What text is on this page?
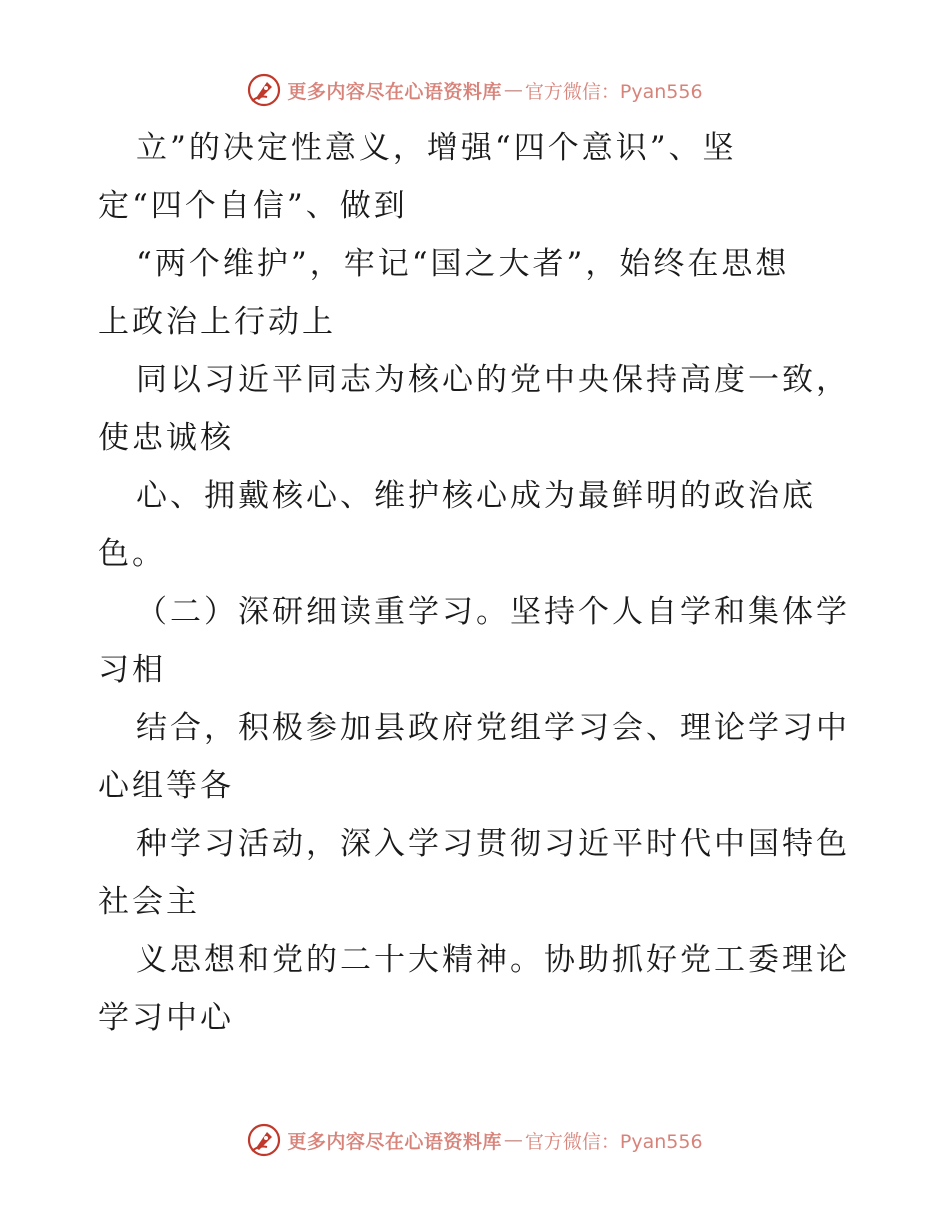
更多内容尽在心语资料库 — 官方微信：Pyan556
立”的决定性意义，增强“四个意识”、坚
定“四个自信”、做到
“两个维护”，牢记“国之大者”，始终在思想
上政治上行动上
同以习近平同志为核心的党中央保持高度一致，
使忠诚核
心、拥戴核心、维护核心成为最鲜明的政治底
色。
（二）深研细读重学习。坚持个人自学和集体学
习相
结合，积极参加县政府党组学习会、理论学习中
心组等各
种学习活动，深入学习贯彻习近平时代中国特色
社会主
义思想和党的二十大精神。协助抓好党工委理论
学习中心
更多内容尽在心语资料库 — 官方微信：Pyan556
